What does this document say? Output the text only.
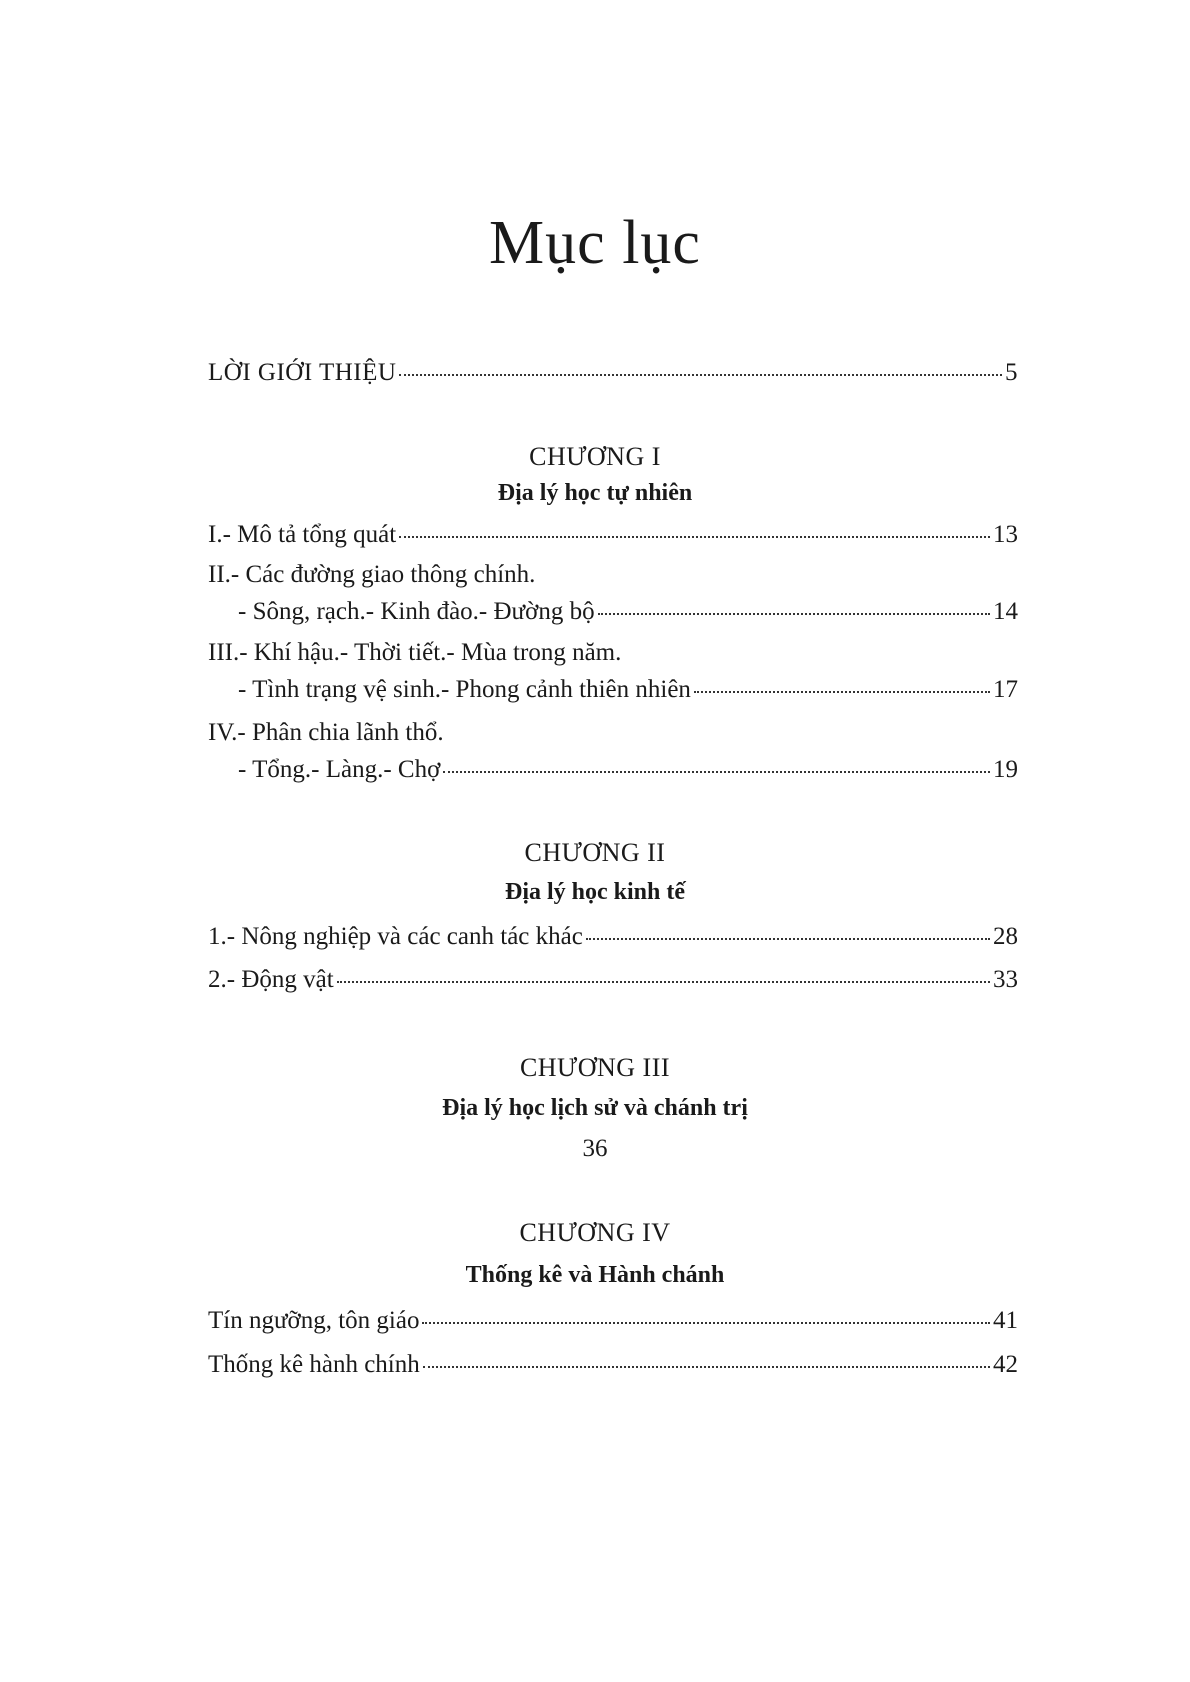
Mục lục
LỜI GIỚI THIỆU	5
CHƯƠNG I
Địa lý học tự nhiên
I.- Mô tả tổng quát	13
II.- Các đường giao thông chính.
- Sông, rạch.- Kinh đào.- Đường bộ	14
III.- Khí hậu.- Thời tiết.- Mùa trong năm.
- Tình trạng vệ sinh.- Phong cảnh thiên nhiên	17
IV.- Phân chia lãnh thổ.
- Tổng.- Làng.- Chợ	19
CHƯƠNG II
Địa lý học kinh tế
1.- Nông nghiệp và các canh tác khác	28
2.- Động vật	33
CHƯƠNG III
Địa lý học lịch sử và chánh trị
36
CHƯƠNG IV
Thống kê và Hành chánh
Tín ngưỡng, tôn giáo	41
Thống kê hành chính	42
